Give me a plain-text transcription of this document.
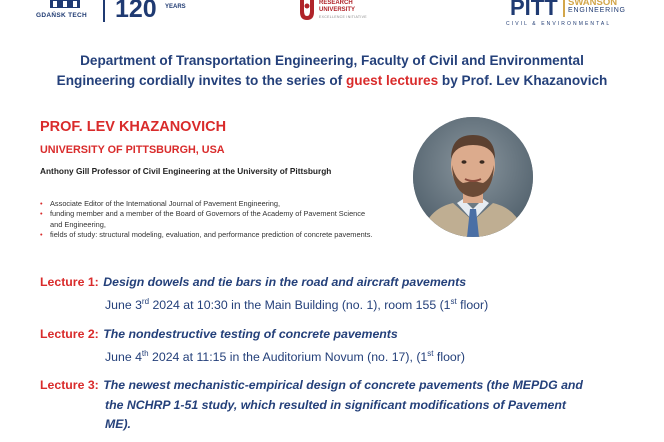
GDAŃSK TECH 120 YEARS
RESEARCH
UNIVERSITY
EXCELLENCE INITIATIVE	PITT SWANSON
ENGINEERING
CIVIL & ENVIRONMENTAL
Department of Transportation Engineering, Faculty of Civil and Environmental
Engineering cordially invites to the series of guest lectures by Prof. Lev Khazanovich
PROF. LEV KHAZANOVICH
UNIVERSITY OF PITTSBURGH, USA
Anthony Gill Professor of Civil Engineering at the University of Pittsburgh
• Associate Editor of the International Journal of Pavement Engineering,
• funding member and a member of the Board of Governors of the Academy of Pavement Science and Engineering,
• fields of study: structural modeling, evaluation, and performance prediction of concrete pavements.
Lecture 1: Design dowels and tie bars in the road and aircraft pavements
June 3rd 2024 at 10:30 in the Main Building (no. 1), room 155 (1st floor)
Lecture 2: The nondestructive testing of concrete pavements
June 4th 2024 at 11:15 in the Auditorium Novum (no. 17), (1st floor)
Lecture 3: The newest mechanistic-empirical design of concrete pavements (the MEPDG and
the NCHRP 1-51 study, which resulted in significant modifications of Pavement
ME).
